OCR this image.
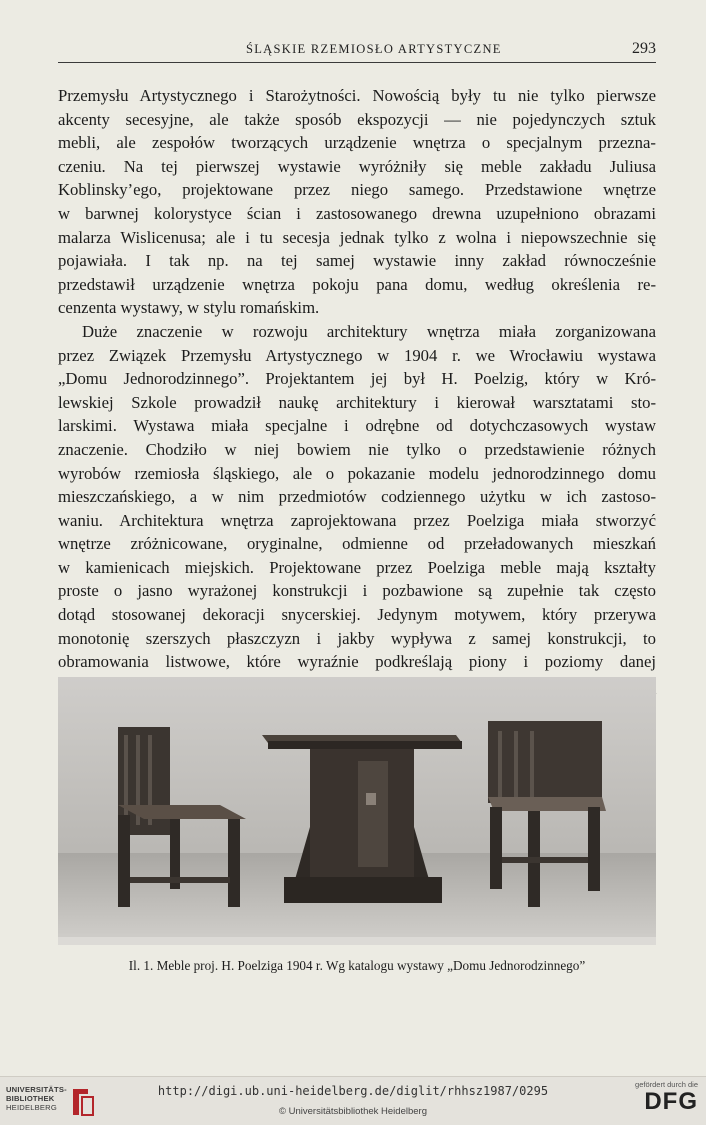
ŚLĄSKIE RZEMIOSŁO ARTYSTYCZNE	293

Przemysłu Artystycznego i Starożytności. Nowością były tu nie tylko pierwsze

akcenty secesyjne, ale także sposób ekspozycji — nie pojedynczych sztuk

mebli, ale zespołów tworzących urządzenie wnętrza o specjalnym przezna-

czeniu. Na tej pierwszej wystawie wyróżniły się meble zakładu Juliusa

Koblinsky’ego, projektowane przez niego samego. Przedstawione wnętrze

w barwnej kolorystyce ścian i zastosowanego drewna uzupełniono obrazami

malarza Wislicenusa; ale i tu secesja jednak tylko z wolna i niepowszechnie się

pojawiała. I tak np. na tej samej wystawie inny zakład równocześnie

przedstawił urządzenie wnętrza pokoju pana domu, według określenia re-

cenzenta wystawy, w stylu romańskim.

Duże znaczenie w rozwoju architektury wnętrza miała zorganizowana

przez Związek Przemysłu Artystycznego w 1904 r. we Wrocławiu wystawa

„Domu Jednorodzinnego”. Projektantem jej był H. Poelzig, który w Kró-

lewskiej Szkole prowadził naukę architektury i kierował warsztatami sto-

larskimi. Wystawa miała specjalne i odrębne od dotychczasowych wystaw

znaczenie. Chodziło w niej bowiem nie tylko o przedstawienie różnych

wyrobów rzemiosła śląskiego, ale o pokazanie modelu jednorodzinnego domu

mieszczańskiego, a w nim przedmiotów codziennego użytku w ich zastoso-

waniu. Architektura wnętrza zaprojektowana przez Poelziga miała stworzyć

wnętrze zróżnicowane, oryginalne, odmienne od przeładowanych mieszkań

w kamienicach miejskich. Projektowane przez Poelziga meble mają kształty

proste o jasno wyrażonej konstrukcji i pozbawione są zupełnie tak często

dotąd stosowanej dekoracji snycerskiej. Jedynym motywem, który przerywa

monotonię szerszych płaszczyzn i jakby wypływa z samej konstrukcji, to

obramowania listwowe, które wyraźnie podkreślają piony i poziomy danej

Il. 1. Meble proj. H. Poelziga 1904 r. Wg katalogu wystawy „Domu Jednorodzinnego”
UNIVERSITÄTS-
BIBLIOTHEK
HEIDELBERG
http://digi.ub.uni-heidelberg.de/diglit/rhhsz1987/0295
© Universitätsbibliothek Heidelberg
gefördert durch die
DFG
